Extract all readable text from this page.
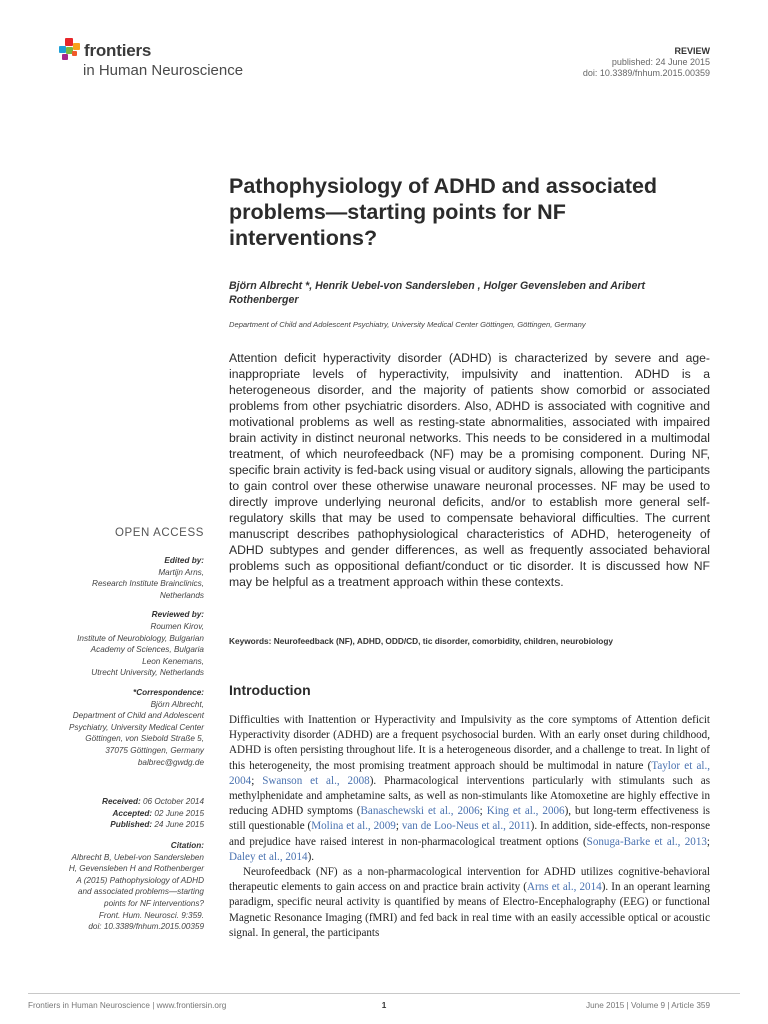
frontiers
in Human Neuroscience
REVIEW
published: 24 June 2015
doi: 10.3389/fnhum.2015.00359
Pathophysiology of ADHD and associated problems—starting points for NF interventions?
Björn Albrecht *, Henrik Uebel-von Sandersleben , Holger Gevensleben and Aribert Rothenberger
Department of Child and Adolescent Psychiatry, University Medical Center Göttingen, Göttingen, Germany

Attention deficit hyperactivity disorder (ADHD) is characterized by severe and age-inappropriate levels of hyperactivity, impulsivity and inattention. ADHD is a heterogeneous disorder, and the majority of patients show comorbid or associated problems from other psychiatric disorders. Also, ADHD is associated with cognitive and motivational problems as well as resting-state abnormalities, associated with impaired brain activity in distinct neuronal networks. This needs to be considered in a multimodal treatment, of which neurofeedback (NF) may be a promising component. During NF, specific brain activity is fed-back using visual or auditory signals, allowing the participants to gain control over these otherwise unaware neuronal processes. NF may be used to directly improve underlying neuronal deficits, and/or to establish more general self-regulatory skills that may be used to compensate behavioral difficulties. The current manuscript describes pathophysiological characteristics of ADHD, heterogeneity of ADHD subtypes and gender differences, as well as frequently associated behavioral problems such as oppositional defiant/conduct or tic disorder. It is discussed how NF may be helpful as a treatment approach within these contexts.

Keywords: Neurofeedback (NF), ADHD, ODD/CD, tic disorder, comorbidity, children, neurobiology
OPEN ACCESS
Edited by:
Martijn Arns,
Research Institute Brainclinics,
Netherlands
Reviewed by:
Roumen Kirov,
Institute of Neurobiology, Bulgarian
Academy of Sciences, Bulgaria
Leon Kenemans,
Utrecht University, Netherlands
*Correspondence:
Björn Albrecht,
Department of Child and Adolescent
Psychiatry, University Medical Center
Göttingen, von Siebold Straße 5,
37075 Göttingen, Germany
balbrec@gwdg.de
Received: 06 October 2014
Accepted: 02 June 2015
Published: 24 June 2015
Citation:
Albrecht B, Uebel-von Sandersleben
H, Gevensleben H and Rothenberger
A (2015) Pathophysiology of ADHD
and associated problems—starting
points for NF interventions?
Front. Hum. Neurosci. 9:359.
doi: 10.3389/fnhum.2015.00359
Introduction

Difficulties with Inattention or Hyperactivity and Impulsivity as the core symptoms of Attention deficit Hyperactivity disorder (ADHD) are a frequent psychosocial burden. With an early onset during childhood, ADHD is often persisting throughout life. It is a heterogeneous disorder, and a challenge to treat. In light of this heterogeneity, the most promising treatment approach should be multimodal in nature (Taylor et al., 2004; Swanson et al., 2008). Pharmacological interventions particularly with stimulants such as methylphenidate and amphetamine salts, as well as non-stimulants like Atomoxetine are highly effective in reducing ADHD symptoms (Banaschewski et al., 2006; King et al., 2006), but long-term effectiveness is still questionable (Molina et al., 2009; van de Loo-Neus et al., 2011). In addition, side-effects, non-response and prejudice have raised interest in non-pharmacological treatment options (Sonuga-Barke et al., 2013; Daley et al., 2014).

Neurofeedback (NF) as a non-pharmacological intervention for ADHD utilizes cognitive-behavioral therapeutic elements to gain access on and practice brain activity (Arns et al., 2014). In an operant learning paradigm, specific neural activity is quantified by means of Electro-Encephalography (EEG) or functional Magnetic Resonance Imaging (fMRI) and fed back in real time with an easily accessible optical or acoustic signal. In general, the participants

Frontiers in Human Neuroscience | www.frontiersin.org	1	June 2015 | Volume 9 | Article 359
